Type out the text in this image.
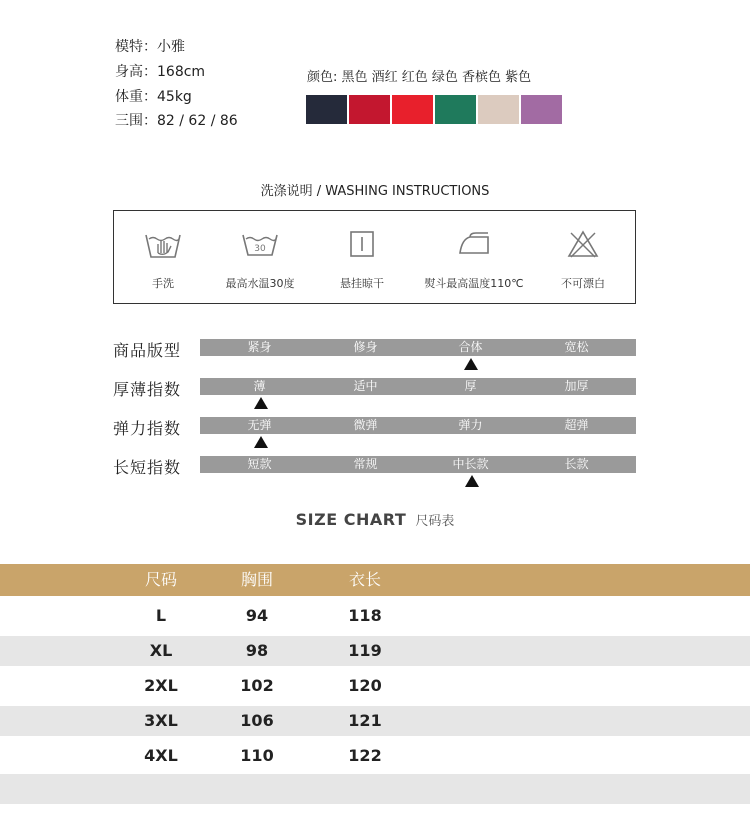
模特：小雅
身高：168cm
体重：45kg
三围：82 / 62 / 86
颜色: 黑色 酒红 红色 绿色 香槟色 紫色
洗涤说明 / WASHING INSTRUCTIONS
手洗
30
最高水温30度	悬挂晾干	熨斗最高温度110℃	不可漂白
商品版型	紧身	修身	合体	宽松
厚薄指数	薄	适中	厚	加厚
弹力指数	无弹	微弹	弹力	超弹
长短指数	短款	常规	中长款	长款
SIZE CHART 尺码表
尺码	胸围	衣长
L	94	118
XL	98	119
2XL	102	120
3XL	106	121
4XL	110	122
